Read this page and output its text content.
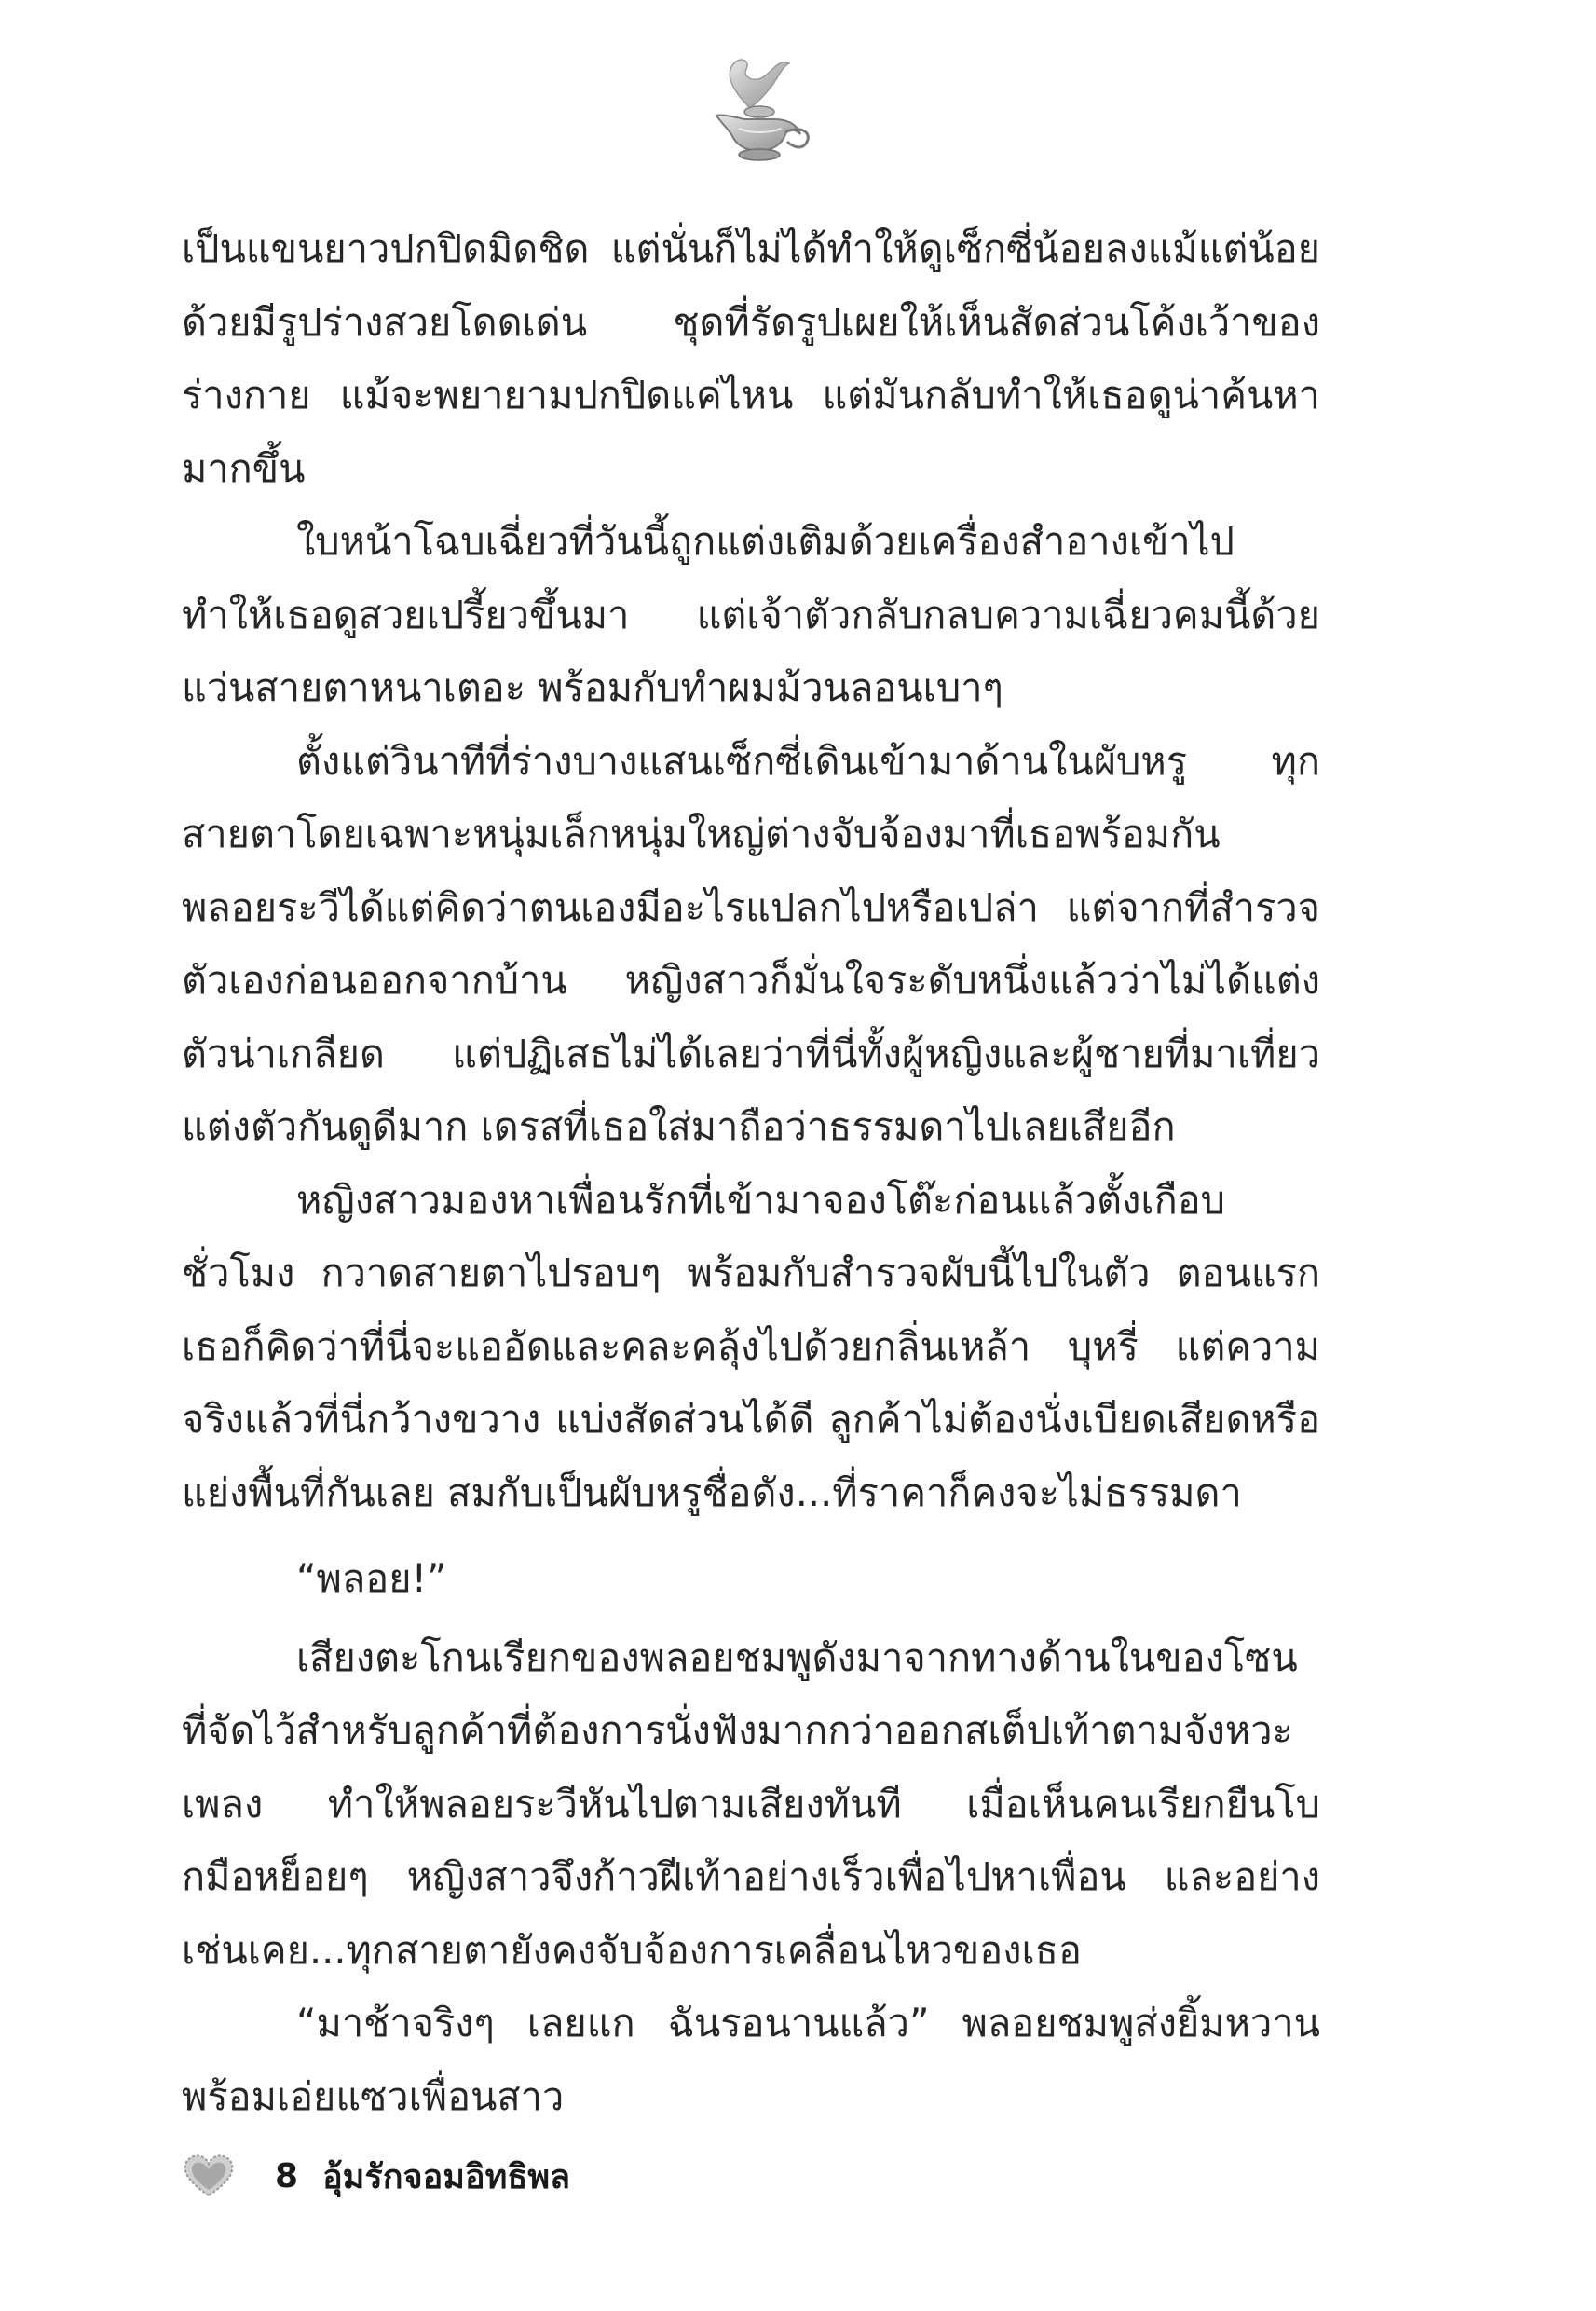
เป็นแขนยาวปกปิดมิดชิด แต่นั่นก็ไม่ได้ทำให้ดูเซ็กซี่น้อยลงแม้แต่น้อย ด้วยมีรูปร่างสวยโดดเด่น ชุดที่รัดรูปเผยให้เห็นสัดส่วนโค้งเว้าของร่างกาย แม้จะพยายามปกปิดแค่ไหน แต่มันกลับทำให้เธอดูน่าค้นหามากขึ้น

ใบหน้าโฉบเฉี่ยวที่วันนี้ถูกแต่งเติมด้วยเครื่องสำอางเข้าไปทำให้เธอดูสวยเปรี้ยวขึ้นมา แต่เจ้าตัวกลับกลบความเฉี่ยวคมนี้ด้วยแว่นสายตาหนาเตอะ พร้อมกับทำผมม้วนลอนเบาๆ

ตั้งแต่วินาทีที่ร่างบางแสนเซ็กซี่เดินเข้ามาด้านในผับหรู ทุกสายตาโดยเฉพาะหนุ่มเล็กหนุ่มใหญ่ต่างจับจ้องมาที่เธอพร้อมกัน พลอยระวีได้แต่คิดว่าตนเองมีอะไรแปลกไปหรือเปล่า แต่จากที่สำรวจตัวเองก่อนออกจากบ้าน หญิงสาวก็มั่นใจระดับหนึ่งแล้วว่าไม่ได้แต่งตัวน่าเกลียด แต่ปฏิเสธไม่ได้เลยว่าที่นี่ทั้งผู้หญิงและผู้ชายที่มาเที่ยวแต่งตัวกันดูดีมาก เดรสที่เธอใส่มาถือว่าธรรมดาไปเลยเสียอีก

หญิงสาวมองหาเพื่อนรักที่เข้ามาจองโต๊ะก่อนแล้วตั้งเกือบชั่วโมง กวาดสายตาไปรอบๆ พร้อมกับสำรวจผับนี้ไปในตัว ตอนแรกเธอก็คิดว่าที่นี่จะแออัดและคละคลุ้งไปด้วยกลิ่นเหล้า บุหรี่ แต่ความจริงแล้วที่นี่กว้างขวาง แบ่งสัดส่วนได้ดี ลูกค้าไม่ต้องนั่งเบียดเสียดหรือแย่งพื้นที่กันเลย สมกับเป็นผับหรูชื่อดัง...ที่ราคาก็คงจะไม่ธรรมดา

“พลอย!”

เสียงตะโกนเรียกของพลอยชมพูดังมาจากทางด้านในของโซนที่จัดไว้สำหรับลูกค้าที่ต้องการนั่งฟังมากกว่าออกสเต็ปเท้าตามจังหวะเพลง ทำให้พลอยระวีหันไปตามเสียงทันที เมื่อเห็นคนเรียกยืนโบกมือหย็อยๆ หญิงสาวจึงก้าวฝีเท้าอย่างเร็วเพื่อไปหาเพื่อน และอย่างเช่นเคย...ทุกสายตายังคงจับจ้องการเคลื่อนไหวของเธอ

“มาช้าจริงๆ เลยแก ฉันรอนานแล้ว” พลอยชมพูส่งยิ้มหวานพร้อมเอ่ยแซวเพื่อนสาว

8 อุ้มรักจอมอิทธิพล
